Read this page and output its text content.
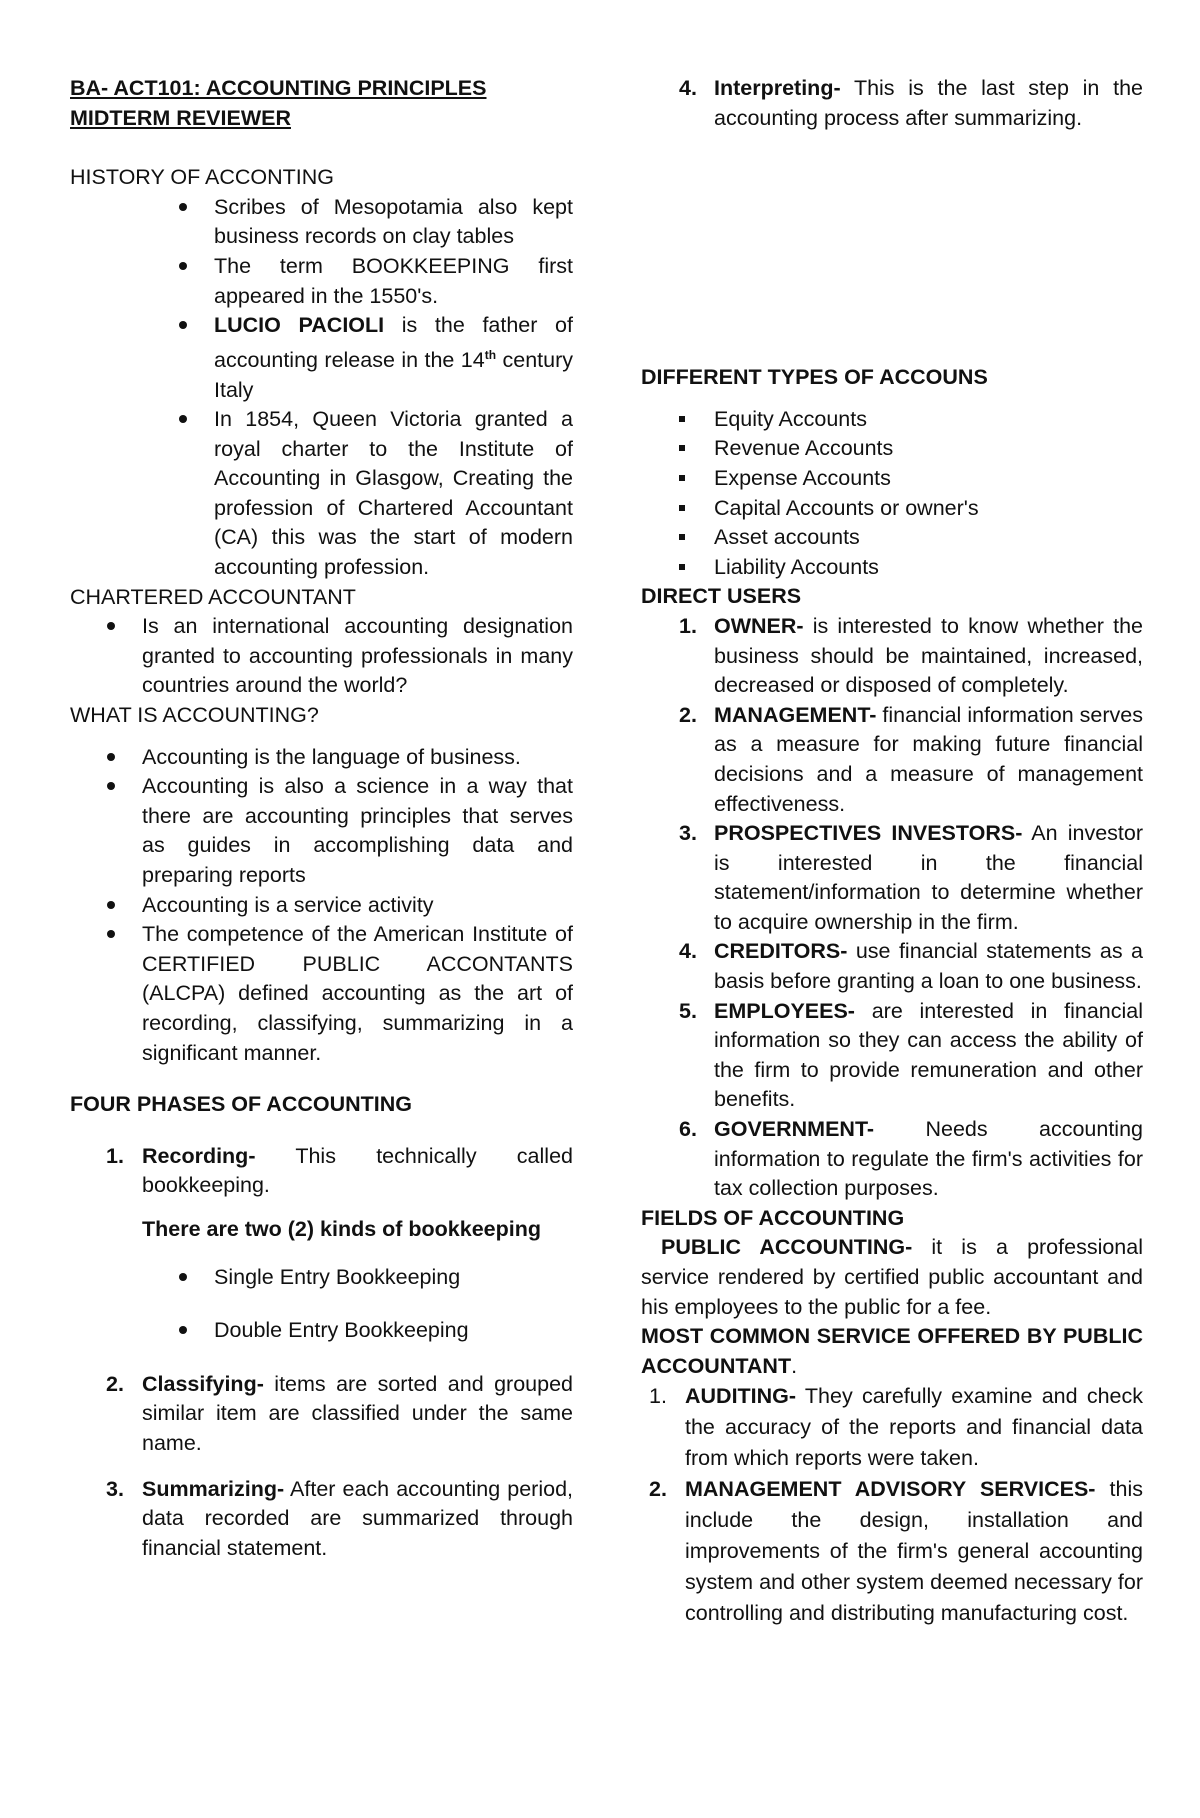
BA- ACT101: ACCOUNTING PRINCIPLES
MIDTERM REVIEWER

HISTORY OF ACCONTING

Scribes of Mesopotamia also kept business records on clay tables
The term BOOKKEEPING first appeared in the 1550's.
LUCIO PACIOLI is the father of accounting release in the 14th century Italy
In 1854, Queen Victoria granted a royal charter to the Institute of Accounting in Glasgow, Creating the profession of Chartered Accountant (CA) this was the start of modern accounting profession.

CHARTERED ACCOUNTANT

Is an international accounting designation granted to accounting professionals in many countries around the world?

WHAT IS ACCOUNTING?

Accounting is the language of business.
Accounting is also a science in a way that there are accounting principles that serves as guides in accomplishing data and preparing reports
Accounting is a service activity
The competence of the American Institute of CERTIFIED PUBLIC ACCONTANTS (ALCPA) defined accounting as the art of recording, classifying, summarizing in a significant manner.

FOUR PHASES OF ACCOUNTING

1. Recording- This technically called bookkeeping.

There are two (2) kinds of bookkeeping

Single Entry Bookkeeping
Double Entry Bookkeeping
2. Classifying- items are sorted and grouped similar item are classified under the same name.
3. Summarizing- After each accounting period, data recorded are summarized through financial statement.
4. Interpreting- This is the last step in the accounting process after summarizing.

DIFFERENT TYPES OF ACCOUNS

Equity Accounts
Revenue Accounts
Expense Accounts
Capital Accounts or owner's
Asset accounts
Liability Accounts

DIRECT USERS

1. OWNER- is interested to know whether the business should be maintained, increased, decreased or disposed of completely.
2. MANAGEMENT- financial information serves as a measure for making future financial decisions and a measure of management effectiveness.
3. PROSPECTIVES INVESTORS- An investor is interested in the financial statement/information to determine whether to acquire ownership in the firm.
4. CREDITORS- use financial statements as a basis before granting a loan to one business.
5. EMPLOYEES- are interested in financial information so they can access the ability of the firm to provide remuneration and other benefits.
6. GOVERNMENT- Needs accounting information to regulate the firm's activities for tax collection purposes.

FIELDS OF ACCOUNTING

PUBLIC ACCOUNTING- it is a professional service rendered by certified public accountant and his employees to the public for a fee.

MOST COMMON SERVICE OFFERED BY PUBLIC ACCOUNTANT.

1. AUDITING- They carefully examine and check the accuracy of the reports and financial data from which reports were taken.
2. MANAGEMENT ADVISORY SERVICES- this include the design, installation and improvements of the firm's general accounting system and other system deemed necessary for controlling and distributing manufacturing cost.
